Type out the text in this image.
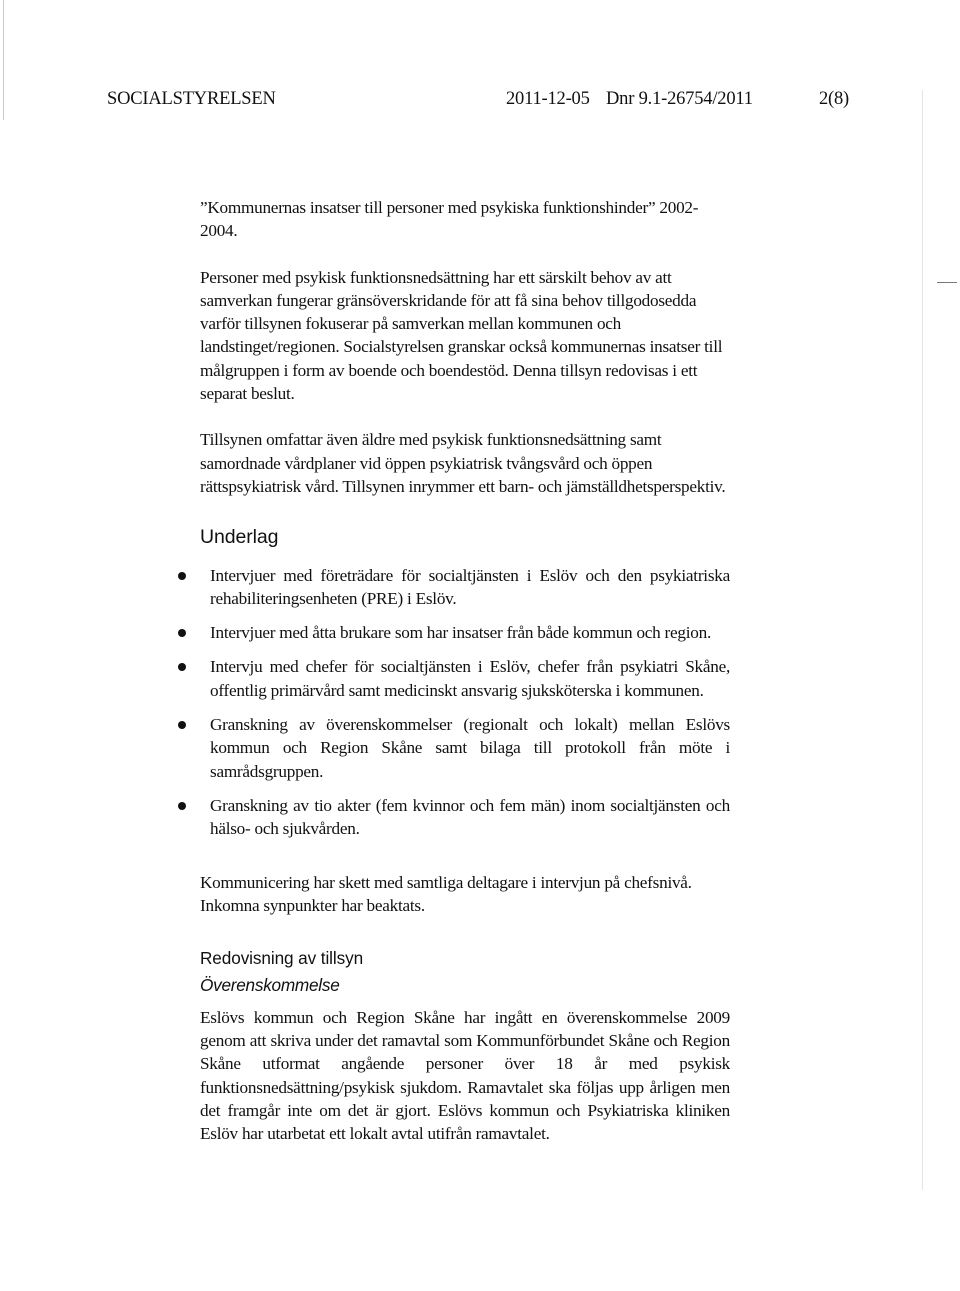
SOCIALSTYRELSEN	2011-12-05 Dnr 9.1-26754/2011	2(8)

”Kommunernas insatser till personer med psykiska funktionshinder” 2002-2004.

Personer med psykisk funktionsnedsättning har ett särskilt behov av att samverkan fungerar gränsöverskridande för att få sina behov tillgodosedda varför tillsynen fokuserar på samverkan mellan kommunen och landstinget/regionen. Socialstyrelsen granskar också kommunernas insatser till målgruppen i form av boende och boendestöd. Denna tillsyn redovisas i ett separat beslut.

Tillsynen omfattar även äldre med psykisk funktionsnedsättning samt samordnade vårdplaner vid öppen psykiatrisk tvångsvård och öppen rättspsykiatrisk vård. Tillsynen inrymmer ett barn- och jämställdhetsperspektiv.

Underlag
Intervjuer med företrädare för socialtjänsten i Eslöv och den psykiatriska rehabiliteringsenheten (PRE) i Eslöv.
Intervjuer med åtta brukare som har insatser från både kommun och region.
Intervju med chefer för socialtjänsten i Eslöv, chefer från psykiatri Skåne, offentlig primärvård samt medicinskt ansvarig sjuksköterska i kommunen.
Granskning av överenskommelser (regionalt och lokalt) mellan Eslövs kommun och Region Skåne samt bilaga till protokoll från möte i samrådsgruppen.
Granskning av tio akter (fem kvinnor och fem män) inom socialtjänsten och hälso- och sjukvården.

Kommunicering har skett med samtliga deltagare i intervjun på chefsnivå. Inkomna synpunkter har beaktats.

Redovisning av tillsyn
Överenskommelse

Eslövs kommun och Region Skåne har ingått en överenskommelse 2009 genom att skriva under det ramavtal som Kommunförbundet Skåne och Region Skåne utformat angående personer över 18 år med psykisk funktionsnedsättning/psykisk sjukdom. Ramavtalet ska följas upp årligen men det framgår inte om det är gjort. Eslövs kommun och Psykiatriska kliniken Eslöv har utarbetat ett lokalt avtal utifrån ramavtalet.
